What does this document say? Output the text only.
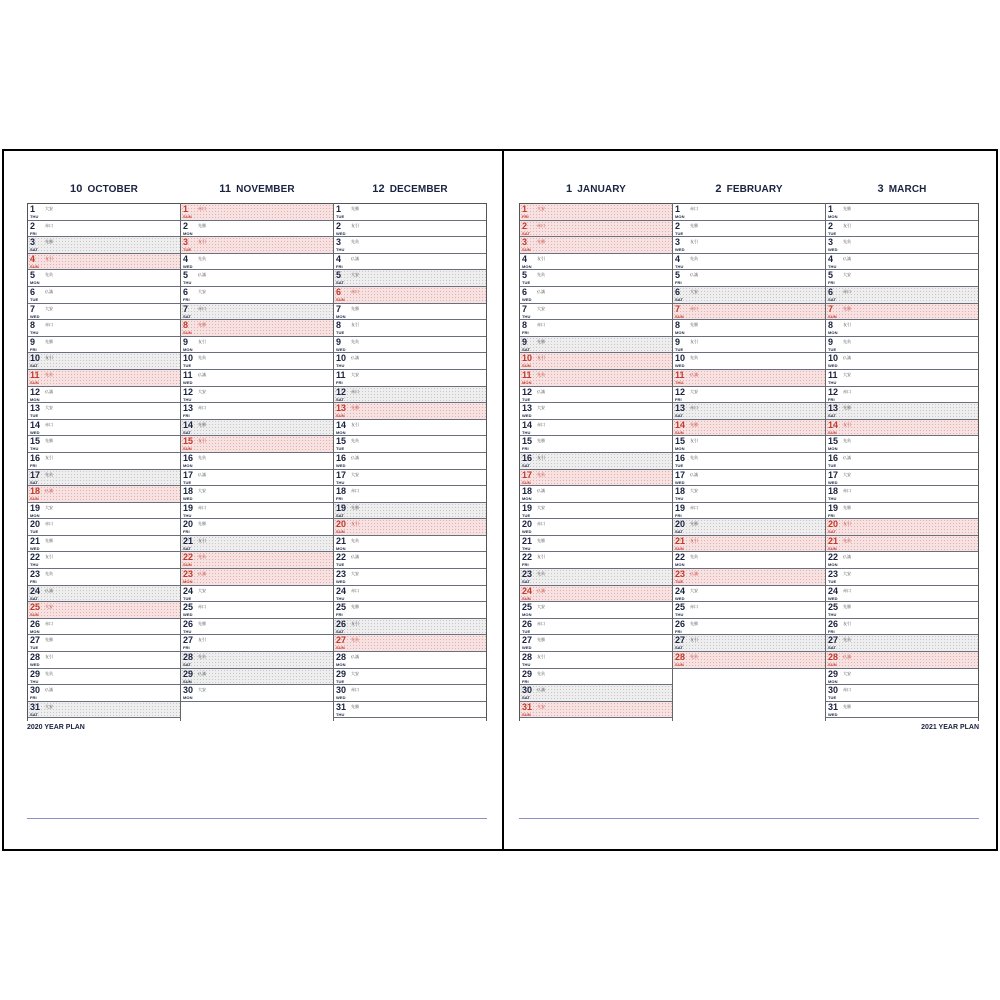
10 OCTOBER
1
THU
大安
2
FRI
赤口
3
SAT
先勝
4
SUN
友引
5
MON
先負
6
TUE
仏滅
7
WED
大安
8
THU
赤口
9
FRI
先勝
10
SAT
友引
11
SUN
先負
12
MON
仏滅
13
TUE
大安
14
WED
赤口
15
THU
先勝
16
FRI
友引
17
SAT
先負
18
SUN
仏滅
19
MON
大安
20
TUE
赤口
21
WED
先勝
22
THU
友引
23
FRI
先負
24
SAT
仏滅
25
SUN
大安
26
MON
赤口
27
TUE
先勝
28
WED
友引
29
THU
先負
30
FRI
仏滅
31
SAT
大安
11 NOVEMBER
1
SUN
赤口
2
MON
先勝
3
TUE
友引
4
WED
先負
5
THU
仏滅
6
FRI
大安
7
SAT
赤口
8
SUN
先勝
9
MON
友引
10
TUE
先負
11
WED
仏滅
12
THU
大安
13
FRI
赤口
14
SAT
先勝
15
SUN
友引
16
MON
先負
17
TUE
仏滅
18
WED
大安
19
THU
赤口
20
FRI
先勝
21
SAT
友引
22
SUN
先負
23
MON
仏滅
24
TUE
大安
25
WED
赤口
26
THU
先勝
27
FRI
友引
28
SAT
先負
29
SUN
仏滅
30
MON
大安
12 DECEMBER
1
TUE
先勝
2
WED
友引
3
THU
先負
4
FRI
仏滅
5
SAT
大安
6
SUN
赤口
7
MON
先勝
8
TUE
友引
9
WED
先負
10
THU
仏滅
11
FRI
大安
12
SAT
赤口
13
SUN
先勝
14
MON
友引
15
TUE
先負
16
WED
仏滅
17
THU
大安
18
FRI
赤口
19
SAT
先勝
20
SUN
友引
21
MON
先負
22
TUE
仏滅
23
WED
大安
24
THU
赤口
25
FRI
先勝
26
SAT
友引
27
SUN
先負
28
MON
仏滅
29
TUE
大安
30
WED
赤口
31
THU
先勝
2020 YEAR PLAN
1 JANUARY
1
FRI
大安
2
SAT
赤口
3
SUN
先勝
4
MON
友引
5
TUE
先負
6
WED
仏滅
7
THU
大安
8
FRI
赤口
9
SAT
先勝
10
SUN
友引
11
MON
先負
12
TUE
仏滅
13
WED
大安
14
THU
赤口
15
FRI
先勝
16
SAT
友引
17
SUN
先負
18
MON
仏滅
19
TUE
大安
20
WED
赤口
21
THU
先勝
22
FRI
友引
23
SAT
先負
24
SUN
仏滅
25
MON
大安
26
TUE
赤口
27
WED
先勝
28
THU
友引
29
FRI
先負
30
SAT
仏滅
31
SUN
大安
2 FEBRUARY
1
MON
赤口
2
TUE
先勝
3
WED
友引
4
THU
先負
5
FRI
仏滅
6
SAT
大安
7
SUN
赤口
8
MON
先勝
9
TUE
友引
10
WED
先負
11
THU
仏滅
12
FRI
大安
13
SAT
赤口
14
SUN
先勝
15
MON
友引
16
TUE
先負
17
WED
仏滅
18
THU
大安
19
FRI
赤口
20
SAT
先勝
21
SUN
友引
22
MON
先負
23
TUE
仏滅
24
WED
大安
25
THU
赤口
26
FRI
先勝
27
SAT
友引
28
SUN
先負
3 MARCH
1
MON
先勝
2
TUE
友引
3
WED
先負
4
THU
仏滅
5
FRI
大安
6
SAT
赤口
7
SUN
先勝
8
MON
友引
9
TUE
先負
10
WED
仏滅
11
THU
大安
12
FRI
赤口
13
SAT
先勝
14
SUN
友引
15
MON
先負
16
TUE
仏滅
17
WED
大安
18
THU
赤口
19
FRI
先勝
20
SAT
友引
21
SUN
先負
22
MON
仏滅
23
TUE
大安
24
WED
赤口
25
THU
先勝
26
FRI
友引
27
SAT
先負
28
SUN
仏滅
29
MON
大安
30
TUE
赤口
31
WED
先勝
2021 YEAR PLAN
